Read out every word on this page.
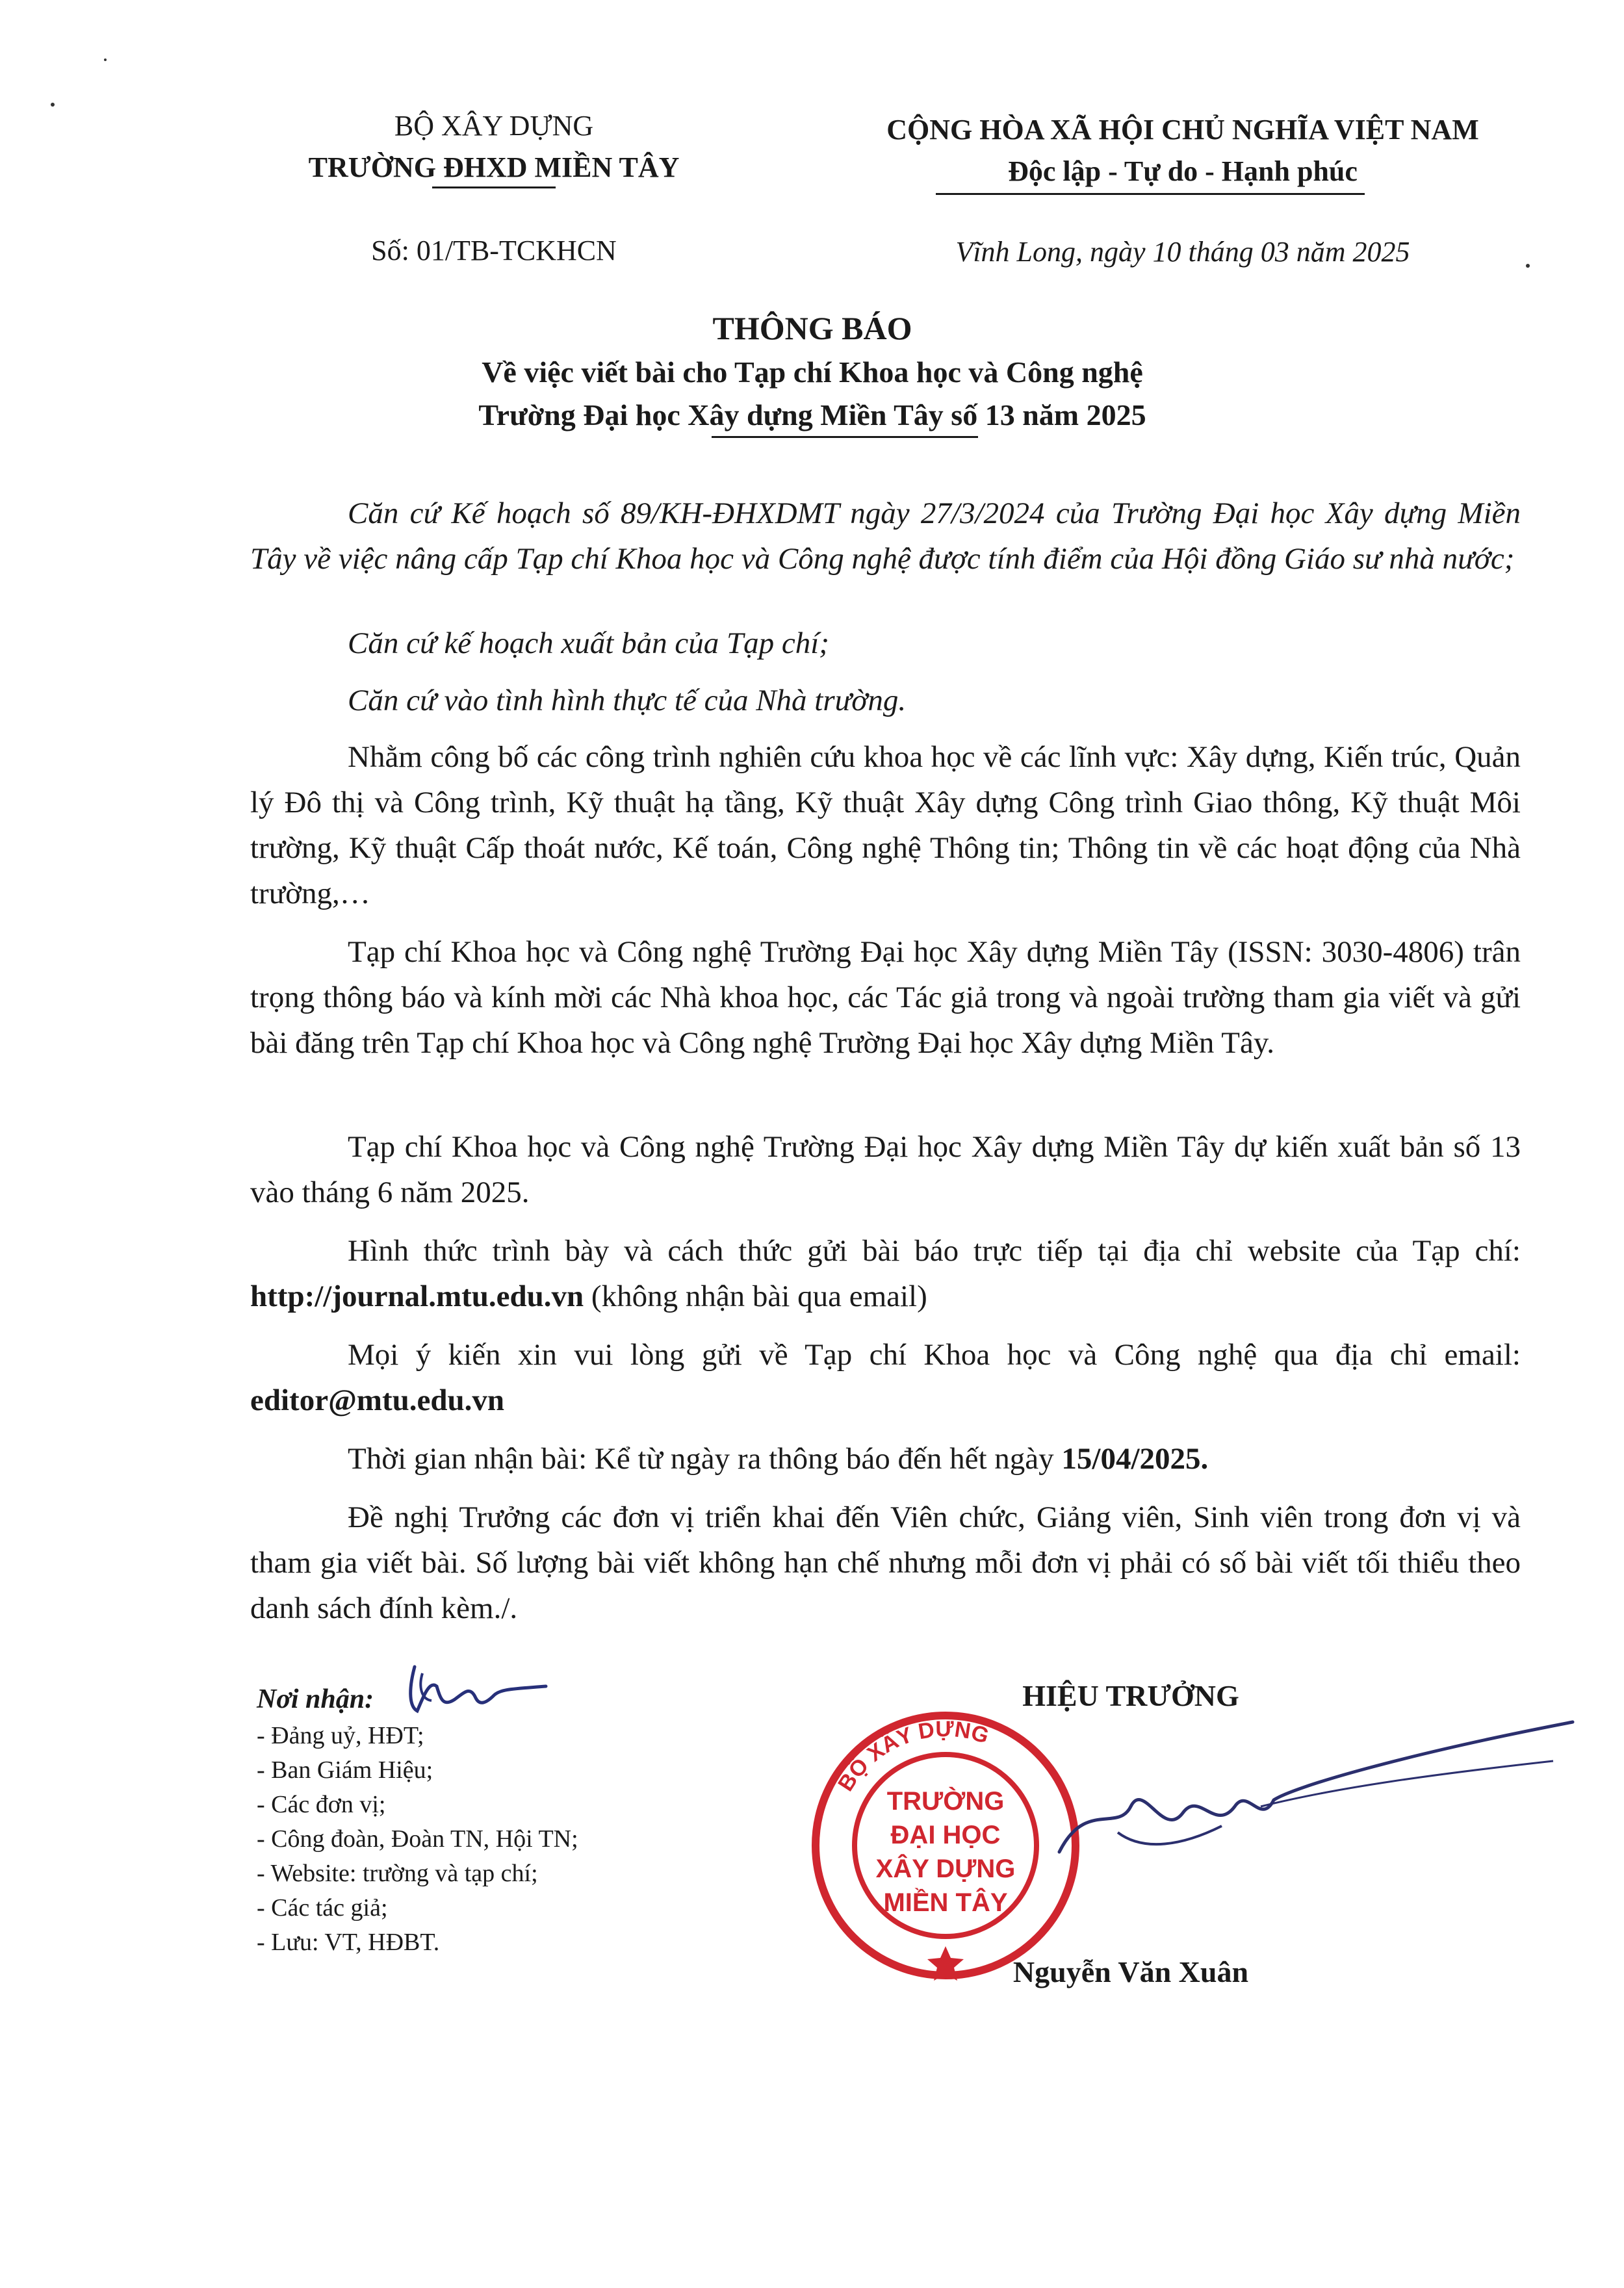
BỘ XÂY DỰNG
TRƯỜNG ĐHXD MIỀN TÂY
Số: 01/TB-TCKHCN
CỘNG HÒA XÃ HỘI CHỦ NGHĨA VIỆT NAM
Độc lập - Tự do - Hạnh phúc
Vĩnh Long, ngày 10 tháng 03 năm 2025
THÔNG BÁO
Về việc viết bài cho Tạp chí Khoa học và Công nghệ
Trường Đại học Xây dựng Miền Tây số 13 năm 2025
Căn cứ Kế hoạch số 89/KH-ĐHXDMT ngày 27/3/2024 của Trường Đại học Xây dựng Miền Tây về việc nâng cấp Tạp chí Khoa học và Công nghệ được tính điểm của Hội đồng Giáo sư nhà nước;
Căn cứ kế hoạch xuất bản của Tạp chí;
Căn cứ vào tình hình thực tế của Nhà trường.
Nhằm công bố các công trình nghiên cứu khoa học về các lĩnh vực: Xây dựng, Kiến trúc, Quản lý Đô thị và Công trình, Kỹ thuật hạ tầng, Kỹ thuật Xây dựng Công trình Giao thông, Kỹ thuật Môi trường, Kỹ thuật Cấp thoát nước, Kế toán, Công nghệ Thông tin; Thông tin về các hoạt động của Nhà trường,…
Tạp chí Khoa học và Công nghệ Trường Đại học Xây dựng Miền Tây (ISSN: 3030-4806) trân trọng thông báo và kính mời các Nhà khoa học, các Tác giả trong và ngoài trường tham gia viết và gửi bài đăng trên Tạp chí Khoa học và Công nghệ Trường Đại học Xây dựng Miền Tây.
Tạp chí Khoa học và Công nghệ Trường Đại học Xây dựng Miền Tây dự kiến xuất bản số 13 vào tháng 6 năm 2025.
Hình thức trình bày và cách thức gửi bài báo trực tiếp tại địa chỉ website của Tạp chí: http://journal.mtu.edu.vn (không nhận bài qua email)
Mọi ý kiến xin vui lòng gửi về Tạp chí Khoa học và Công nghệ qua địa chỉ email: editor@mtu.edu.vn
Thời gian nhận bài: Kể từ ngày ra thông báo đến hết ngày 15/04/2025.
Đề nghị Trưởng các đơn vị triển khai đến Viên chức, Giảng viên, Sinh viên trong đơn vị và tham gia viết bài. Số lượng bài viết không hạn chế nhưng mỗi đơn vị phải có số bài viết tối thiểu theo danh sách đính kèm./.
Nơi nhận:
- Đảng uỷ, HĐT;
- Ban Giám Hiệu;
- Các đơn vị;
- Công đoàn, Đoàn TN, Hội TN;
- Website: trường và tạp chí;
- Các tác giả;
- Lưu: VT, HĐBT.
HIỆU TRƯỞNG
BỘ XÂY DỰNG
TRƯỜNG
ĐẠI HỌC
XÂY DỰNG
MIỀN TÂY
Nguyễn Văn Xuân
